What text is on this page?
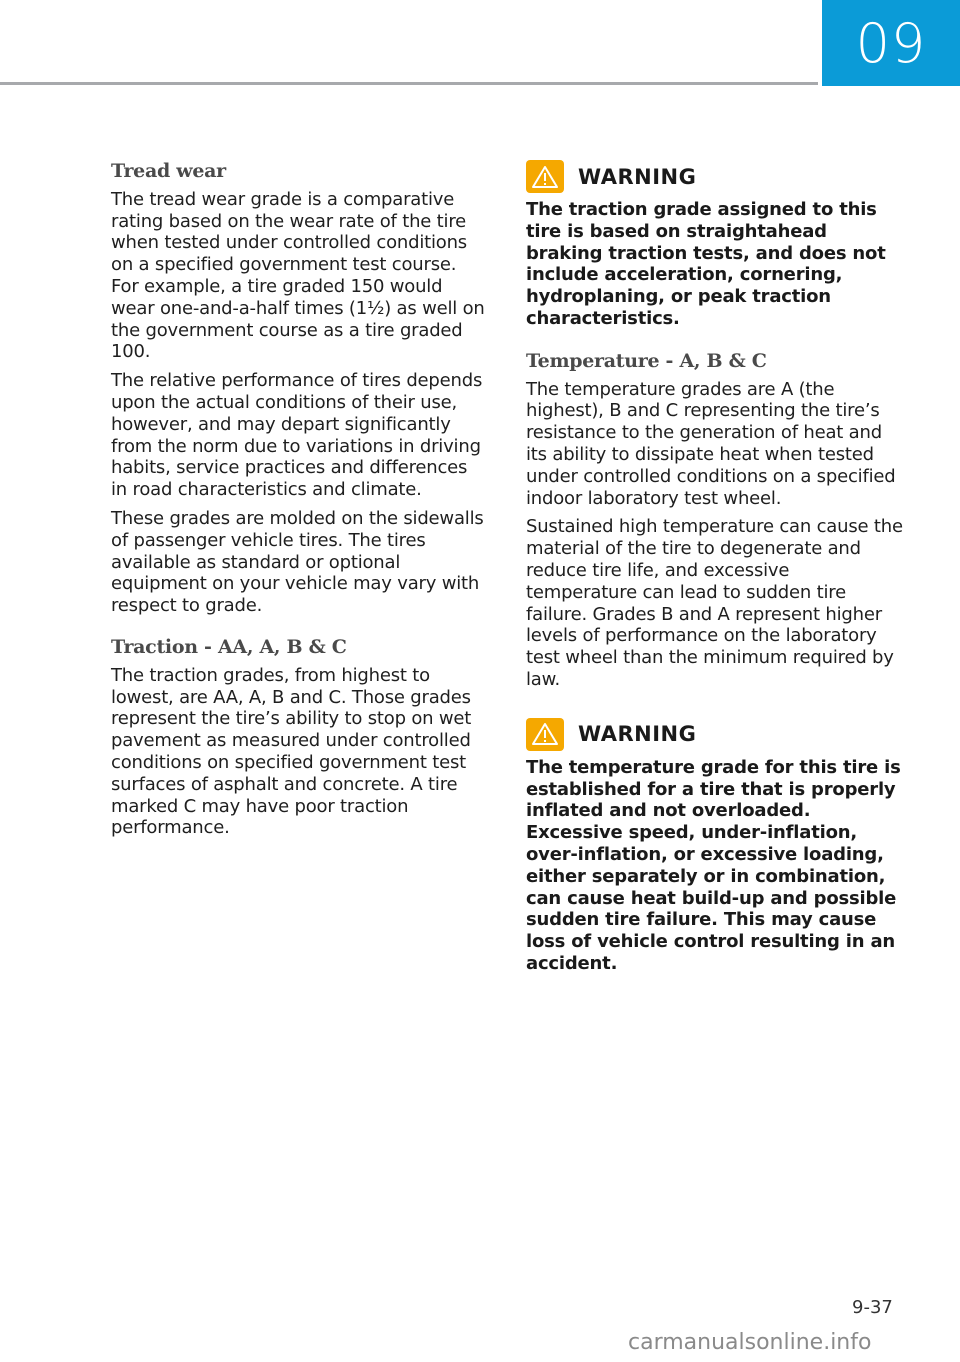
09
Tread wear

The tread wear grade is a comparative rating based on the wear rate of the tire when tested under controlled conditions on a specified government test course. For example, a tire graded 150 would wear one-and-a-half times (1½) as well on the government course as a tire graded 100.

The relative performance of tires depends upon the actual conditions of their use, however, and may depart significantly from the norm due to variations in driving habits, service practices and differences in road characteristics and climate.

These grades are molded on the sidewalls of passenger vehicle tires. The tires available as standard or optional equipment on your vehicle may vary with respect to grade.

Traction - AA, A, B & C

The traction grades, from highest to lowest, are AA, A, B and C. Those grades represent the tire’s ability to stop on wet pavement as measured under controlled conditions on specified government test surfaces of asphalt and concrete. A tire marked C may have poor traction performance.

WARNING

The traction grade assigned to this tire is based on straightahead braking traction tests, and does not include acceleration, cornering, hydroplaning, or peak traction characteristics.

Temperature - A, B & C

The temperature grades are A (the highest), B and C representing the tire’s resistance to the generation of heat and its ability to dissipate heat when tested under controlled conditions on a specified indoor laboratory test wheel.

Sustained high temperature can cause the material of the tire to degenerate and reduce tire life, and excessive temperature can lead to sudden tire failure. Grades B and A represent higher levels of performance on the laboratory test wheel than the minimum required by law.

WARNING

The temperature grade for this tire is established for a tire that is properly inflated and not overloaded. Excessive speed, under-inflation, over-inflation, or excessive loading, either separately or in combination, can cause heat build-up and possible sudden tire failure. This may cause loss of vehicle control resulting in an accident.

9-37
carmanualsonline.info
